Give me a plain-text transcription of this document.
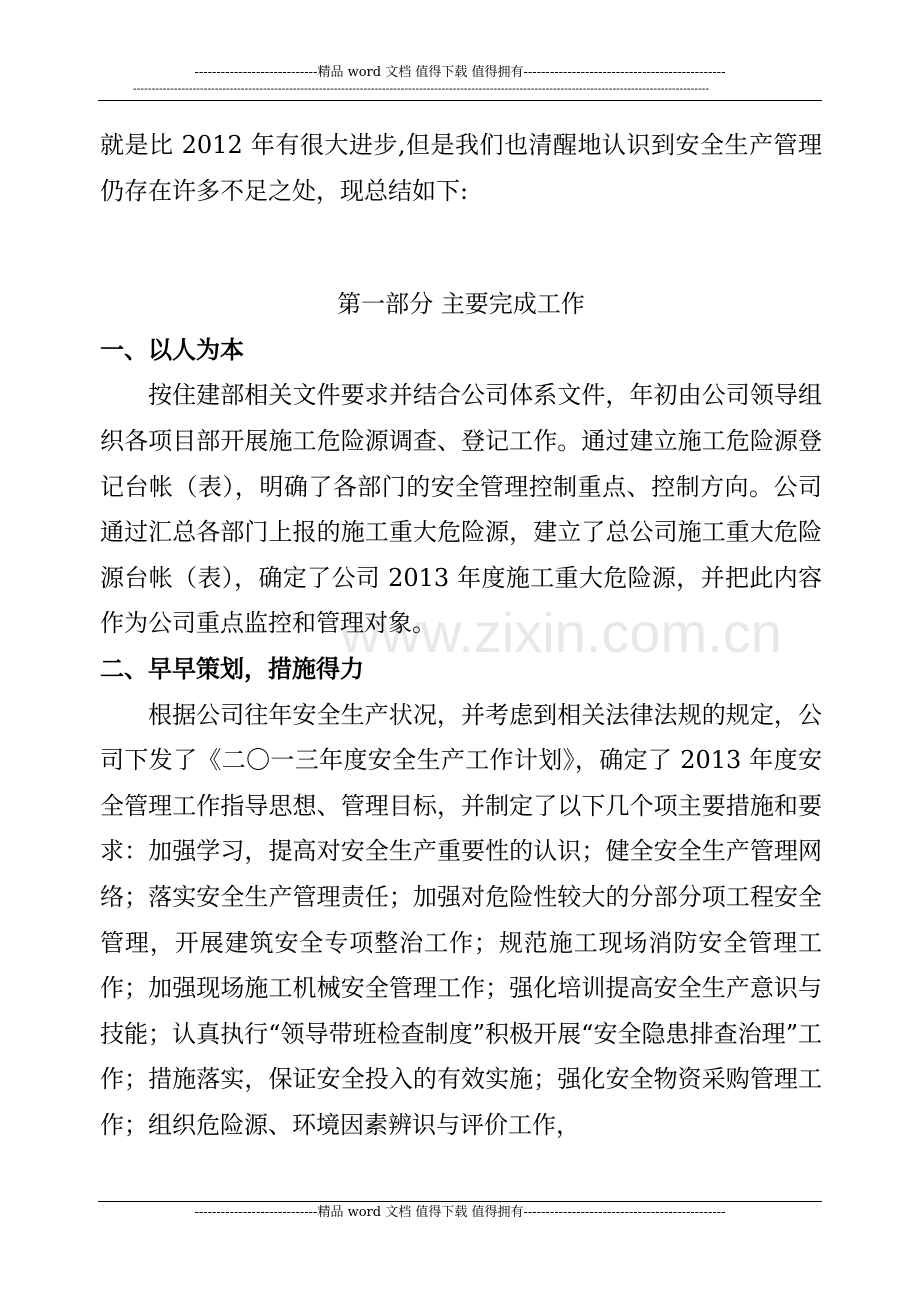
----------------------------精品 word 文档 值得下载 值得拥有----------------------------------------------
-----------------------------------------------------------------------------------------------------------------------------------------------------------

就是比 2012 年有很大进步,但是我们也清醒地认识到安全生产管理仍存在许多不足之处，现总结如下:

第一部分 主要完成工作

一、以人为本

按住建部相关文件要求并结合公司体系文件，年初由公司领导组织各项目部开展施工危险源调查、登记工作。通过建立施工危险源登记台帐（表），明确了各部门的安全管理控制重点、控制方向。公司通过汇总各部门上报的施工重大危险源，建立了总公司施工重大危险源台帐（表），确定了公司 2013 年度施工重大危险源，并把此内容作为公司重点监控和管理对象。

二、早早策划，措施得力

根据公司往年安全生产状况，并考虑到相关法律法规的规定，公司下发了《二〇一三年度安全生产工作计划》，确定了 2013 年度安全管理工作指导思想、管理目标，并制定了以下几个项主要措施和要求：加强学习，提高对安全生产重要性的认识；健全安全生产管理网络；落实安全生产管理责任；加强对危险性较大的分部分项工程安全管理，开展建筑安全专项整治工作；规范施工现场消防安全管理工作；加强现场施工机械安全管理工作；强化培训提高安全生产意识与技能；认真执行“领导带班检查制度”积极开展“安全隐患排查治理”工作；措施落实，保证安全投入的有效实施；强化安全物资采购管理工作；组织危险源、环境因素辨识与评价工作，

www.zixin.com.cn
----------------------------精品 word 文档 值得下载 值得拥有----------------------------------------------
